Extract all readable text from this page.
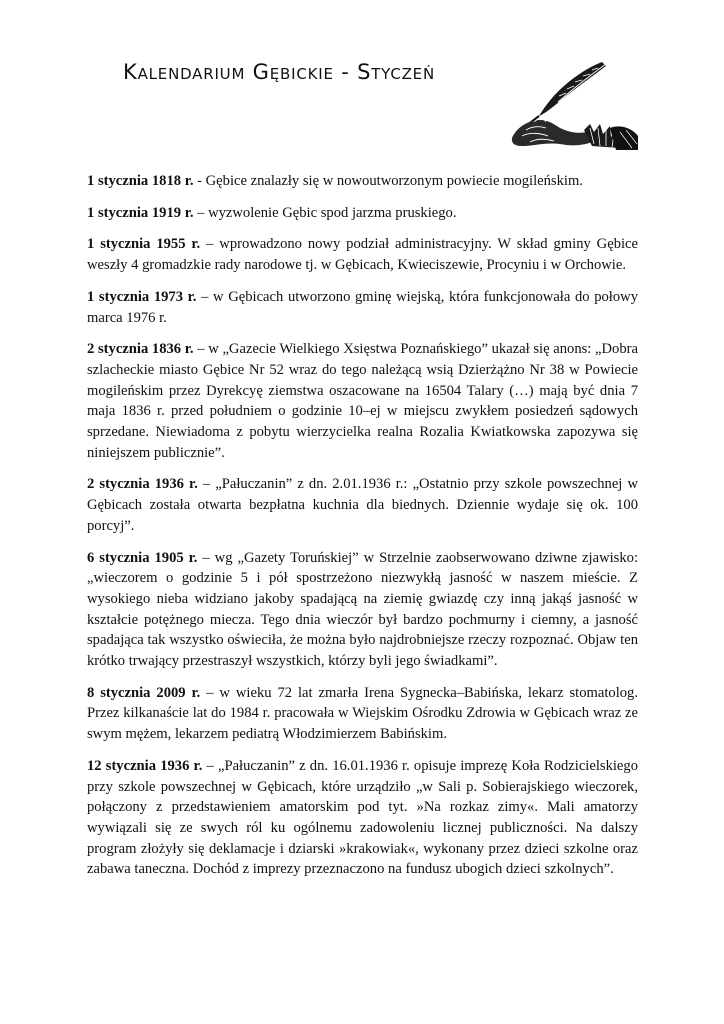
Kalendarium Gębickie - Styczeń

1 stycznia 1818 r. - Gębice znalazły się w nowoutworzonym powiecie mogileńskim.

1 stycznia 1919 r. – wyzwolenie Gębic spod jarzma pruskiego.

1 stycznia 1955 r. – wprowadzono nowy podział administracyjny. W skład gminy Gębice weszły 4 gromadzkie rady narodowe tj. w Gębicach, Kwieciszewie, Procyniu i w Orchowie.

1 stycznia 1973 r. – w Gębicach utworzono gminę wiejską, która funkcjonowała do połowy marca 1976 r.

2 stycznia 1836 r. – w „Gazecie Wielkiego Xsięstwa Poznańskiego” ukazał się anons: „Dobra szlacheckie miasto Gębice Nr 52 wraz do tego należącą wsią Dzierżążno Nr 38 w Powiecie mogileńskim przez Dyrekcyę ziemstwa oszacowane na 16504 Talary (…) mają być dnia 7 maja 1836 r. przed południem o godzinie 10–ej w miejscu zwykłem posiedzeń sądowych sprzedane. Niewiadoma z pobytu wierzycielka realna Rozalia Kwiatkowska zapozywa się niniejszem publicznie”.

2 stycznia 1936 r. – „Pałuczanin” z dn. 2.01.1936 r.: „Ostatnio przy szkole powszechnej w Gębicach została otwarta bezpłatna kuchnia dla biednych. Dziennie wydaje się ok. 100 porcyj”.

6 stycznia 1905 r. – wg „Gazety Toruńskiej” w Strzelnie zaobserwowano dziwne zjawisko: „wieczorem o godzinie 5 i pół spostrzeżono niezwykłą jasność w naszem mieście. Z wysokiego nieba widziano jakoby spadającą na ziemię gwiazdę czy inną jakąś jasność w kształcie potężnego miecza. Tego dnia wieczór był bardzo pochmurny i ciemny, a jasność spadająca tak wszystko oświeciła, że można było najdrobniejsze rzeczy rozpoznać. Objaw ten krótko trwający przestraszył wszystkich, którzy byli jego świadkami”.

8 stycznia 2009 r. – w wieku 72 lat zmarła Irena Sygnecka–Babińska, lekarz stomatolog. Przez kilkanaście lat do 1984 r. pracowała w Wiejskim Ośrodku Zdrowia w Gębicach wraz ze swym mężem, lekarzem pediatrą Włodzimierzem Babińskim.

12 stycznia 1936 r. – „Pałuczanin” z dn. 16.01.1936 r. opisuje imprezę Koła Rodzicielskiego przy szkole powszechnej w Gębicach, które urządziło „w Sali p. Sobierajskiego wieczorek, połączony z przedstawieniem amatorskim pod tyt. »Na rozkaz zimy«. Mali amatorzy wywiązali się ze swych ról ku ogólnemu zadowoleniu licznej publiczności. Na dalszy program złożyły się deklamacje i dziarski »krakowiak«, wykonany przez dzieci szkolne oraz zabawa taneczna. Dochód z imprezy przeznaczono na fundusz ubogich dzieci szkolnych”.
